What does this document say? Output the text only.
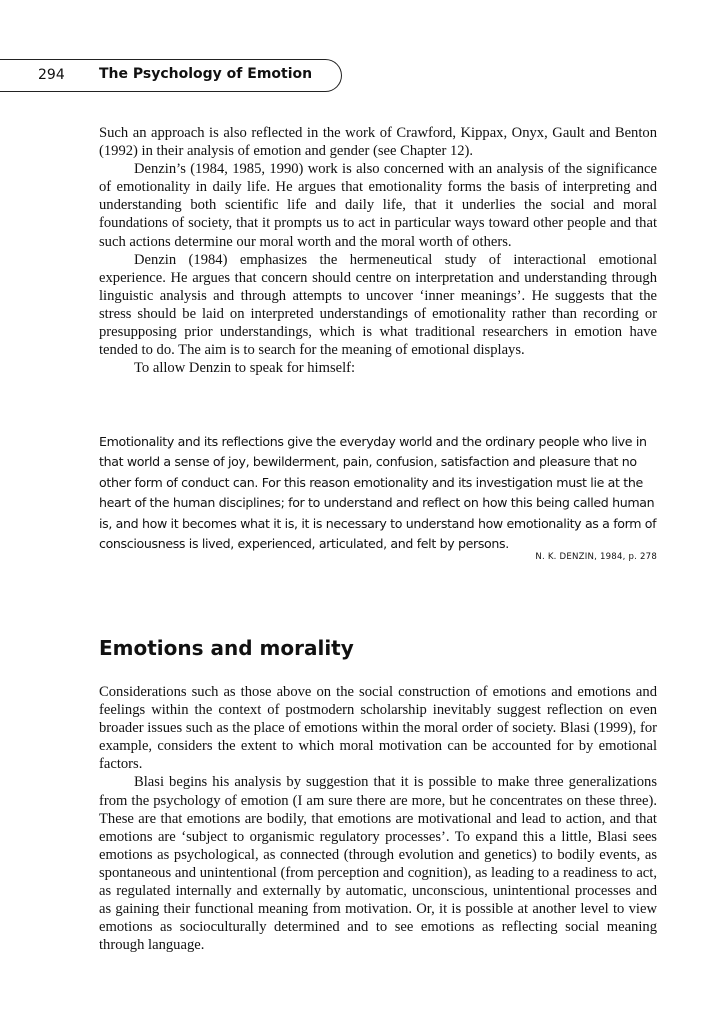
294 The Psychology of Emotion

Such an approach is also reflected in the work of Crawford, Kippax, Onyx, Gault and Benton (1992) in their analysis of emotion and gender (see Chapter 12).

Denzin’s (1984, 1985, 1990) work is also concerned with an analysis of the significance of emotionality in daily life. He argues that emotionality forms the basis of interpreting and understanding both scientific life and daily life, that it underlies the social and moral foundations of society, that it prompts us to act in particular ways toward other people and that such actions determine our moral worth and the moral worth of others.

Denzin (1984) emphasizes the hermeneutical study of interactional emotional experience. He argues that concern should centre on interpretation and understanding through linguistic analysis and through attempts to uncover ‘inner meanings’. He suggests that the stress should be laid on interpreted understandings of emotionality rather than recording or presupposing prior understandings, which is what traditional researchers in emotion have tended to do. The aim is to search for the meaning of emotional displays.

To allow Denzin to speak for himself:

Emotionality and its reflections give the everyday world and the ordinary people who live in that world a sense of joy, bewilderment, pain, confusion, satisfaction and pleasure that no other form of conduct can. For this reason emotionality and its investigation must lie at the heart of the human disciplines; for to understand and reflect on how this being called human is, and how it becomes what it is, it is necessary to understand how emotionality as a form of consciousness is lived, experienced, articulated, and felt by persons.
N. K. DENZIN, 1984, p. 278
Emotions and morality

Considerations such as those above on the social construction of emotions and emotions and feelings within the context of postmodern scholarship inevitably suggest reflection on even broader issues such as the place of emotions within the moral order of society. Blasi (1999), for example, considers the extent to which moral motivation can be accounted for by emotional factors.

Blasi begins his analysis by suggestion that it is possible to make three generalizations from the psychology of emotion (I am sure there are more, but he concentrates on these three). These are that emotions are bodily, that emotions are motivational and lead to action, and that emotions are ‘subject to organismic regulatory processes’. To expand this a little, Blasi sees emotions as psychological, as connected (through evolution and genetics) to bodily events, as spontaneous and unintentional (from perception and cognition), as leading to a readiness to act, as regulated internally and externally by automatic, unconscious, unintentional processes and as gaining their functional meaning from motivation. Or, it is possible at another level to view emotions as socioculturally determined and to see emotions as reflecting social meaning through language.
